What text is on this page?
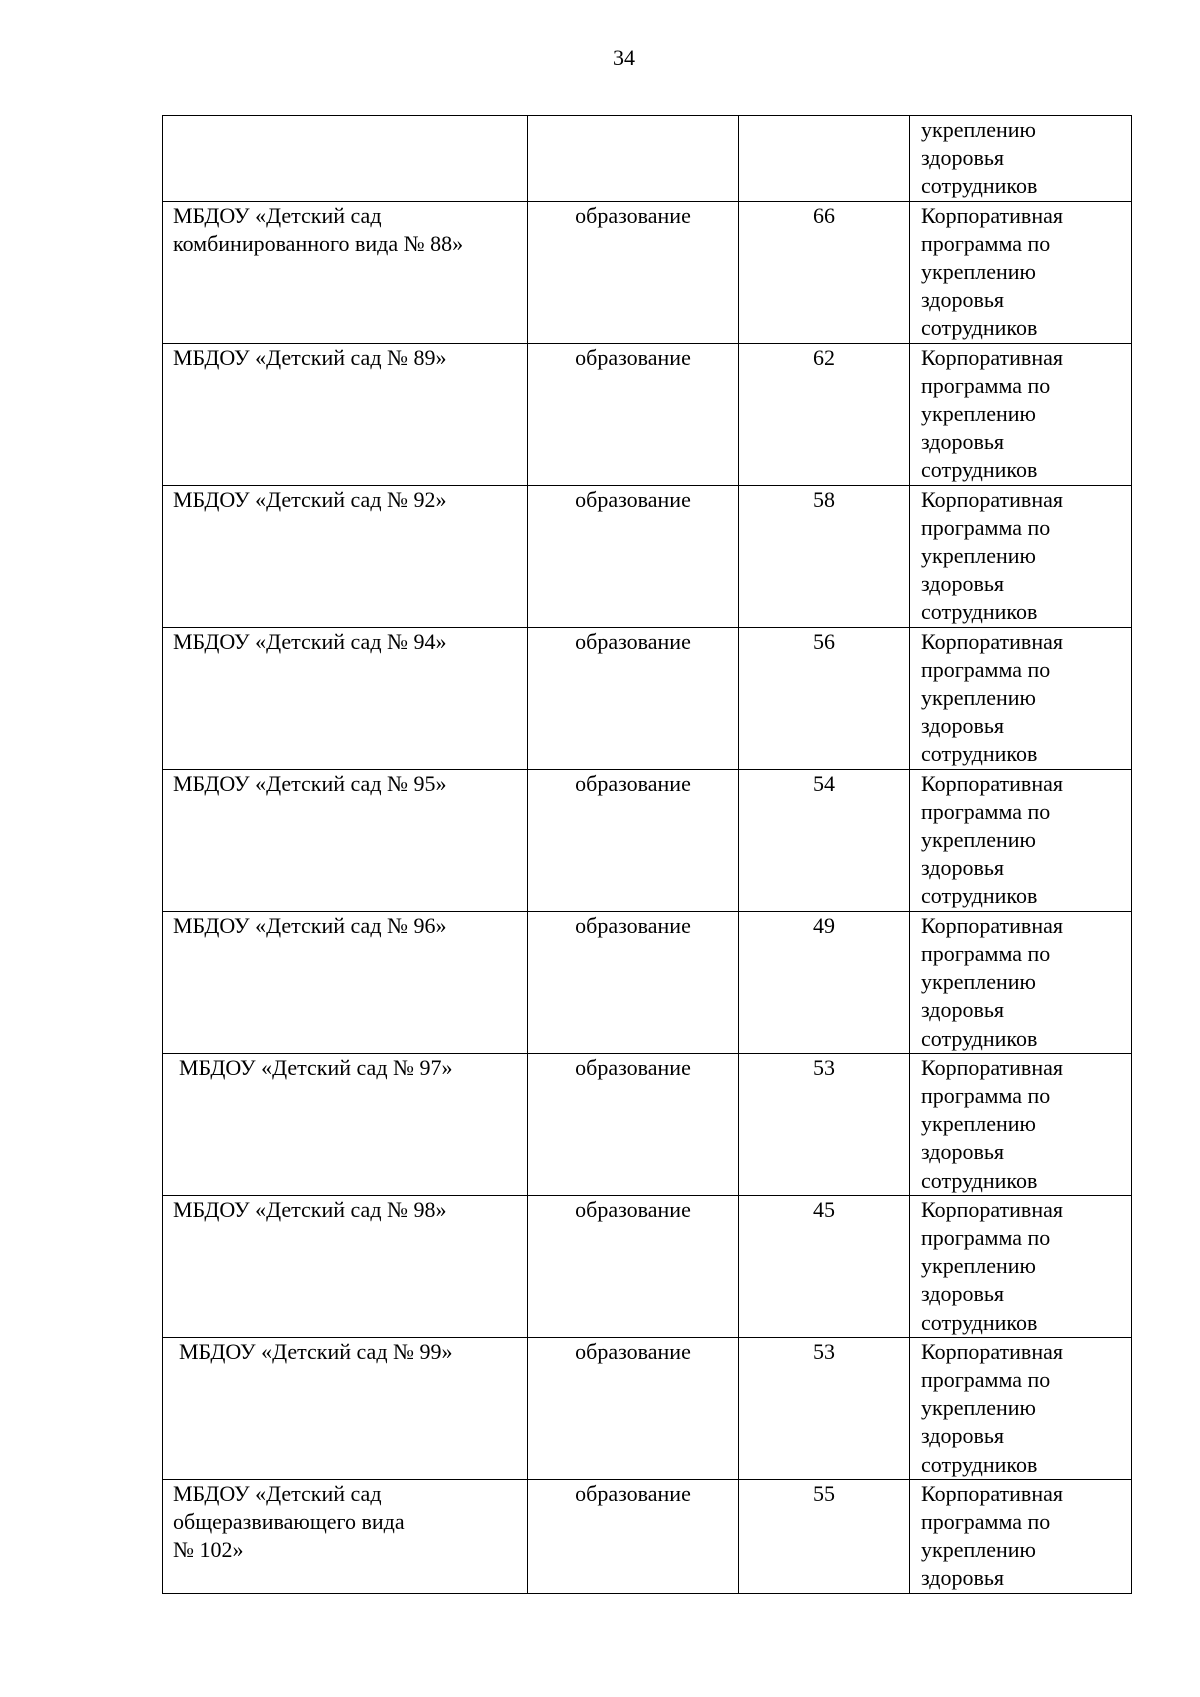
34

			укреплению
здоровья
сотрудников

МБДОУ «Детский сад
комбинированного вида № 88»	образование	66	Корпоративная
программа по
укреплению
здоровья
сотрудников

МБДОУ «Детский сад № 89»	образование	62	Корпоративная
программа по
укреплению
здоровья
сотрудников

МБДОУ «Детский сад № 92»	образование	58	Корпоративная
программа по
укреплению
здоровья
сотрудников

МБДОУ «Детский сад № 94»	образование	56	Корпоративная
программа по
укреплению
здоровья
сотрудников

МБДОУ «Детский сад № 95»	образование	54	Корпоративная
программа по
укреплению
здоровья
сотрудников

МБДОУ «Детский сад № 96»	образование	49	Корпоративная
программа по
укреплению
здоровья
сотрудников

МБДОУ «Детский сад № 97»	образование	53	Корпоративная
программа по
укреплению
здоровья
сотрудников

МБДОУ «Детский сад № 98»	образование	45	Корпоративная
программа по
укреплению
здоровья
сотрудников

МБДОУ «Детский сад № 99»	образование	53	Корпоративная
программа по
укреплению
здоровья
сотрудников

МБДОУ «Детский сад
общеразвивающего вида
№ 102»	образование	55	Корпоративная
программа по
укреплению
здоровья
